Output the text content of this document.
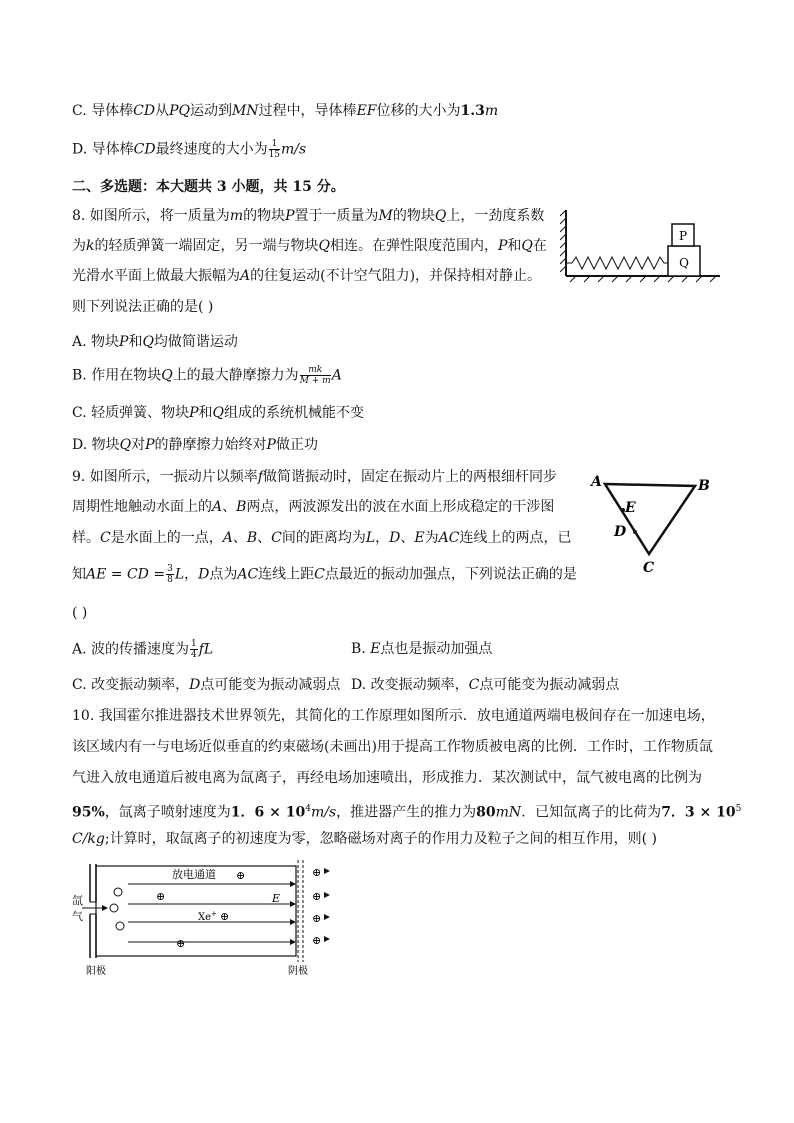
C. 导体棒CD从PQ运动到MN过程中，导体棒EF位移的大小为1.3m
D. 导体棒CD最终速度的大小为 $\frac{1}{15} m/s$
二、多选题：本大题共 3 小题，共 15 分。
8. 如图所示，将一质量为m的物块P置于一质量为M的物块Q上，一劲度系数
为k的轻质弹簧一端固定，另一端与物块Q相连。在弹性限度范围内，P和Q在
光滑水平面上做最大振幅为A的往复运动(不计空气阻力)，并保持相对静止。
则下列说法正确的是( )
A. 物块P和Q均做简谐运动
B. 作用在物块Q上的最大静摩擦力为 $\frac{mk}{M + m}$ A
C. 轻质弹簧、物块P和Q组成的系统机械能不变
D. 物块Q对P的静摩擦力始终对P做正功
Q
P
9. 如图所示，一振动片以频率f做简谐振动时，固定在振动片上的两根细杆同步
周期性地触动水面上的A、B两点，两波源发出的波在水面上形成稳定的干涉图
样。C是水面上的一点，A、B、C间的距离均为L，D、E为AC连线上的两点，已
知AE = CD = $\frac{3}{8}$ L，D点为AC连线上距C点最近的振动加强点，下列说法正确的是
( )
A. 波的传播速度为 $\frac{1}{4}$ fL	B. E点也是振动加强点
C. 改变振动频率，D点可能变为振动减弱点 D. 改变振动频率，C点可能变为振动减弱点
A	B
C
D
E
10. 我国霍尔推进器技术世界领先，其简化的工作原理如图所示．放电通道两端电极间存在一加速电场，
该区域内有一与电场近似垂直的约束磁场(未画出)用于提高工作物质被电离的比例．工作时，工作物质氙
气进入放电通道后被电离为氙离子，再经电场加速喷出，形成推力．某次测试中，氙气被电离的比例为
95%，氙离子喷射速度为1．$6 \times 10^4m/s$，推进器产生的推力为80mN．已知氙离子的比荷为7．$3 \times 10^5$
C/kg;计算时，取氙离子的初速度为零，忽略磁场对离子的作用力及粒子之间的相互作用，则( )
氙
气
放电通道
E
Xe+
⊕
⊕
⊕
⊕
⊕
⊕
⊕
⊕
阳极	阴极
